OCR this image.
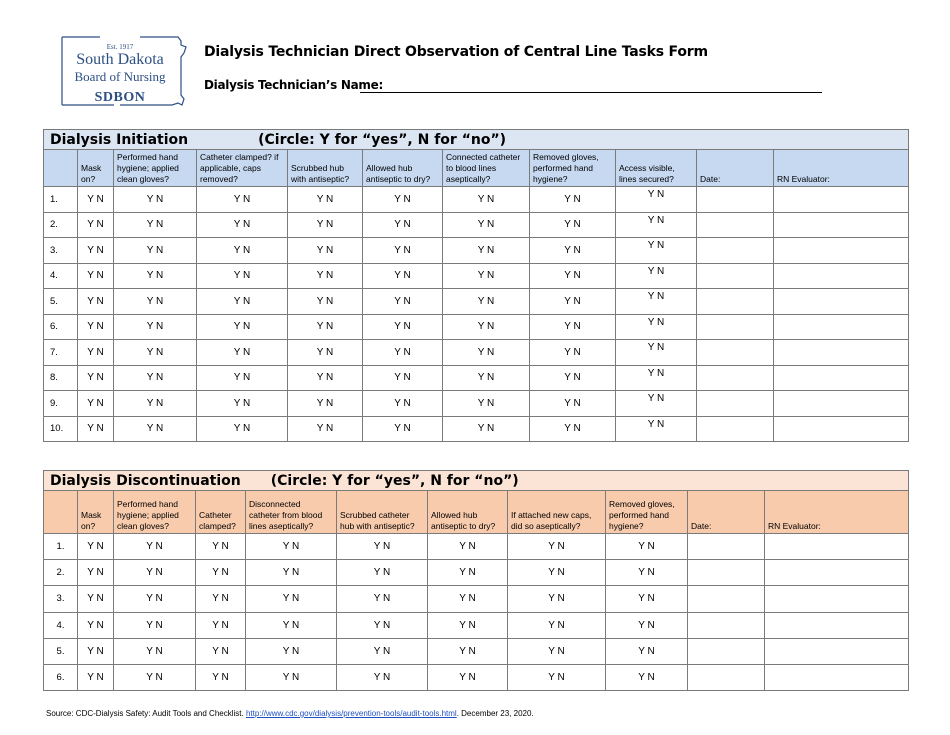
Est. 1917
South Dakota
Board of Nursing
SDBON
Dialysis Technician Direct Observation of Central Line Tasks Form
Dialysis Technician’s Name:
Dialysis Initiation (Circle: Y for “yes”, N for “no”)										
	Mask on?	Performed hand hygiene; applied clean gloves?	Catheter clamped? if applicable, caps removed?	Scrubbed hub with antiseptic?	Allowed hub antiseptic to dry?	Connected catheter to blood lines aseptically?	Removed gloves, performed hand hygiene?	Access visible, lines secured?	Date:	RN Evaluator:
1.	Y N	Y N	Y N	Y N	Y N	Y N	Y N	Y N		
2.	Y N	Y N	Y N	Y N	Y N	Y N	Y N	Y N		
3.	Y N	Y N	Y N	Y N	Y N	Y N	Y N	Y N		
4.	Y N	Y N	Y N	Y N	Y N	Y N	Y N	Y N		
5.	Y N	Y N	Y N	Y N	Y N	Y N	Y N	Y N		
6.	Y N	Y N	Y N	Y N	Y N	Y N	Y N	Y N		
7.	Y N	Y N	Y N	Y N	Y N	Y N	Y N	Y N		
8.	Y N	Y N	Y N	Y N	Y N	Y N	Y N	Y N		
9.	Y N	Y N	Y N	Y N	Y N	Y N	Y N	Y N		
10.	Y N	Y N	Y N	Y N	Y N	Y N	Y N	Y N		
Dialysis Discontinuation (Circle: Y for “yes”, N for “no”)										
	Mask on?	Performed hand hygiene; applied clean gloves?	Catheter clamped?	Disconnected catheter from blood lines aseptically?	Scrubbed catheter hub with antiseptic?	Allowed hub antiseptic to dry?	If attached new caps, did so aseptically?	Removed gloves, performed hand hygiene?	Date:	RN Evaluator:
1.	Y N	Y N	Y N	Y N	Y N	Y N	Y N	Y N		
2.	Y N	Y N	Y N	Y N	Y N	Y N	Y N	Y N		
3.	Y N	Y N	Y N	Y N	Y N	Y N	Y N	Y N		
4.	Y N	Y N	Y N	Y N	Y N	Y N	Y N	Y N		
5.	Y N	Y N	Y N	Y N	Y N	Y N	Y N	Y N		
6.	Y N	Y N	Y N	Y N	Y N	Y N	Y N	Y N		
Source: CDC-Dialysis Safety: Audit Tools and Checklist. http://www.cdc.gov/dialysis/prevention-tools/audit-tools.html. December 23, 2020.
